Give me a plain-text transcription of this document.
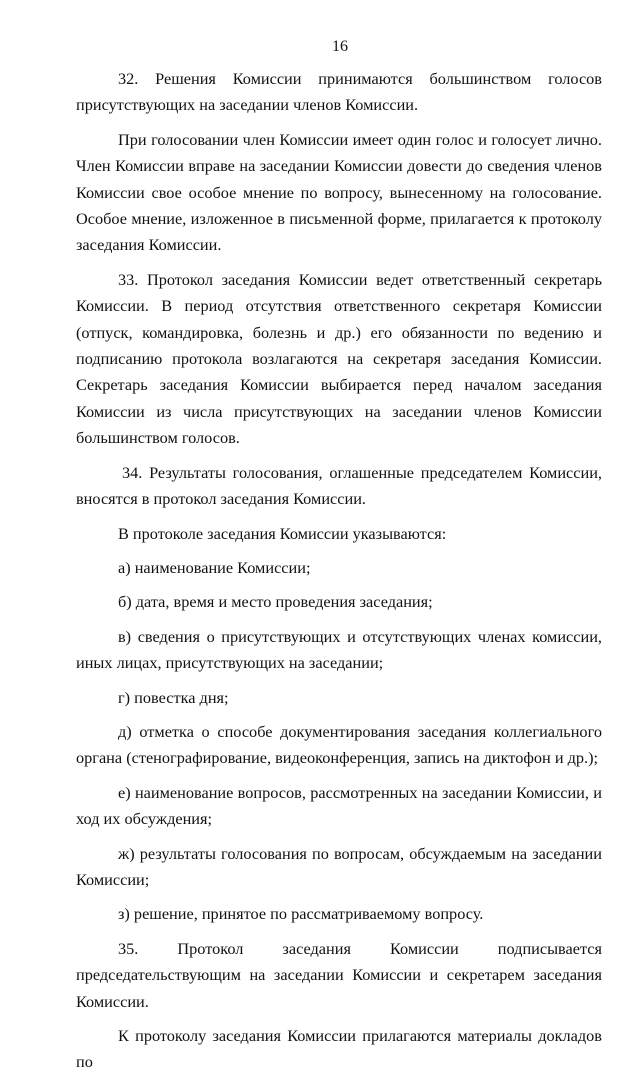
16

32. Решения Комиссии принимаются большинством голосов присутствующих на заседании членов Комиссии.

При голосовании член Комиссии имеет один голос и голосует лично. Член Комиссии вправе на заседании Комиссии довести до сведения членов Комиссии свое особое мнение по вопросу, вынесенному на голосование. Особое мнение, изложенное в письменной форме, прилагается к протоколу заседания Комиссии.

33. Протокол заседания Комиссии ведет ответственный секретарь Комиссии. В период отсутствия ответственного секретаря Комиссии (отпуск, командировка, болезнь и др.) его обязанности по ведению и подписанию протокола возлагаются на секретаря заседания Комиссии. Секретарь заседания Комиссии выбирается перед началом заседания Комиссии из числа присутствующих на заседании членов Комиссии большинством голосов.

34. Результаты голосования, оглашенные председателем Комиссии, вносятся в протокол заседания Комиссии.

В протоколе заседания Комиссии указываются:

а) наименование Комиссии;

б) дата, время и место проведения заседания;

в) сведения о присутствующих и отсутствующих членах комиссии, иных лицах, присутствующих на заседании;

г) повестка дня;

д) отметка о способе документирования заседания коллегиального органа (стенографирование, видеоконференция, запись на диктофон и др.);

е) наименование вопросов, рассмотренных на заседании Комиссии, и ход их обсуждения;

ж) результаты голосования по вопросам, обсуждаемым на заседании Комиссии;

з) решение, принятое по рассматриваемому вопросу.

35. Протокол заседания Комиссии подписывается председательствующим на заседании Комиссии и секретарем заседания Комиссии.

К протоколу заседания Комиссии прилагаются материалы докладов по
